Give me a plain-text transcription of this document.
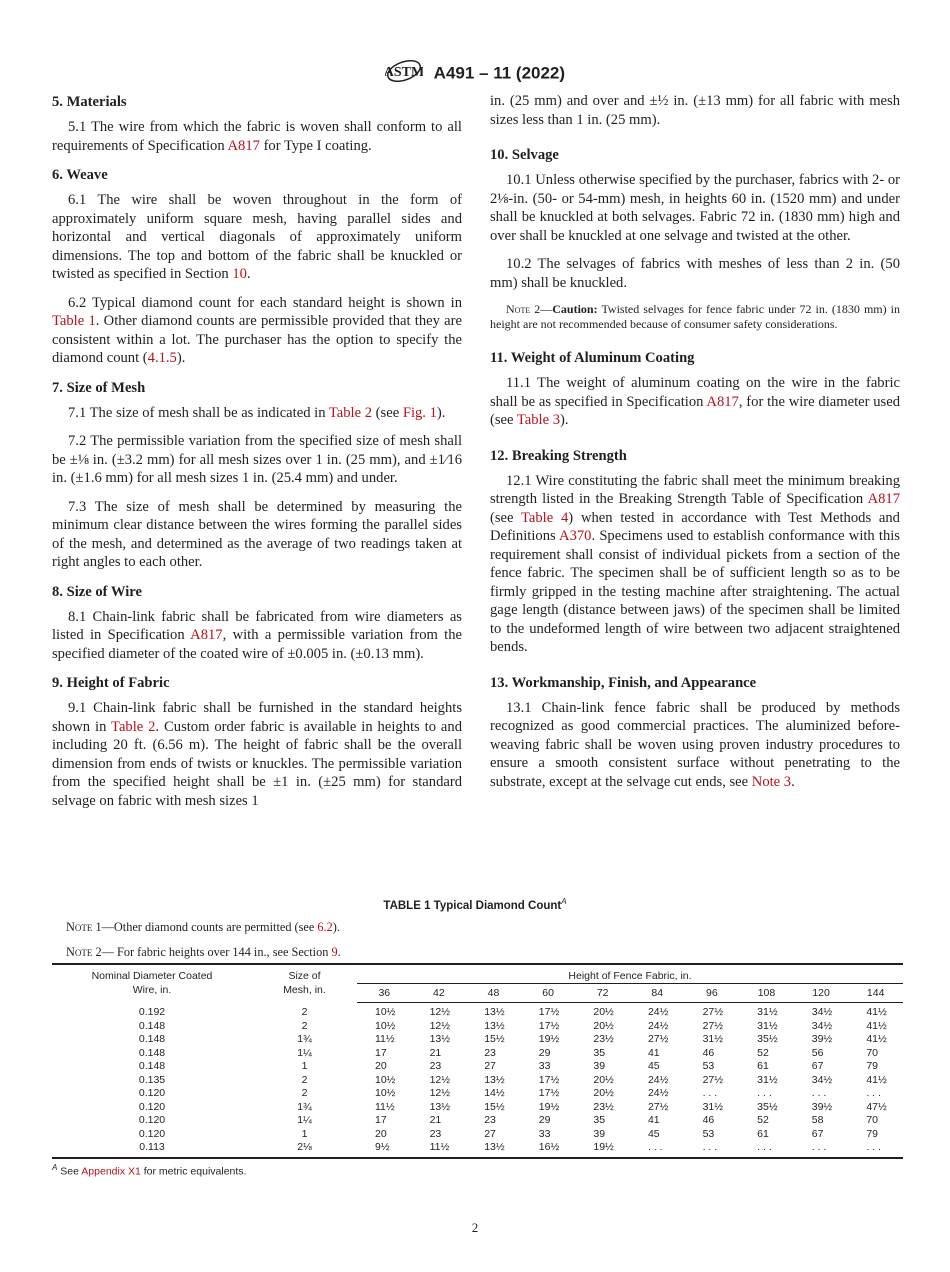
ASTM A491 – 11 (2022)
5. Materials

5.1 The wire from which the fabric is woven shall conform to all requirements of Specification A817 for Type I coating.

6. Weave

6.1 The wire shall be woven throughout in the form of approximately uniform square mesh, having parallel sides and horizontal and vertical diagonals of approximately uniform dimensions. The top and bottom of the fabric shall be knuckled or twisted as specified in Section 10.

6.2 Typical diamond count for each standard height is shown in Table 1. Other diamond counts are permissible provided that they are consistent within a lot. The purchaser has the option to specify the diamond count (4.1.5).

7. Size of Mesh

7.1 The size of mesh shall be as indicated in Table 2 (see Fig. 1).

7.2 The permissible variation from the specified size of mesh shall be ±⅛ in. (±3.2 mm) for all mesh sizes over 1 in. (25 mm), and ±1⁄16 in. (±1.6 mm) for all mesh sizes 1 in. (25.4 mm) and under.

7.3 The size of mesh shall be determined by measuring the minimum clear distance between the wires forming the parallel sides of the mesh, and determined as the average of two readings taken at right angles to each other.

8. Size of Wire

8.1 Chain-link fabric shall be fabricated from wire diameters as listed in Specification A817, with a permissible variation from the specified diameter of the coated wire of ±0.005 in. (±0.13 mm).

9. Height of Fabric

9.1 Chain-link fabric shall be furnished in the standard heights shown in Table 2. Custom order fabric is available in heights to and including 20 ft. (6.56 m). The height of fabric shall be the overall dimension from ends of twists or knuckles. The permissible variation from the specified height shall be ±1 in. (±25 mm) for standard selvage on fabric with mesh sizes 1

in. (25 mm) and over and ±½ in. (±13 mm) for all fabric with mesh sizes less than 1 in. (25 mm).

10. Selvage

10.1 Unless otherwise specified by the purchaser, fabrics with 2- or 2⅛-in. (50- or 54-mm) mesh, in heights 60 in. (1520 mm) and under shall be knuckled at both selvages. Fabric 72 in. (1830 mm) high and over shall be knuckled at one selvage and twisted at the other.

10.2 The selvages of fabrics with meshes of less than 2 in. (50 mm) shall be knuckled.

Note 2—Caution: Twisted selvages for fence fabric under 72 in. (1830 mm) in height are not recommended because of consumer safety considerations.
11. Weight of Aluminum Coating

11.1 The weight of aluminum coating on the wire in the fabric shall be as specified in Specification A817, for the wire diameter used (see Table 3).

12. Breaking Strength

12.1 Wire constituting the fabric shall meet the minimum breaking strength listed in the Breaking Strength Table of Specification A817 (see Table 4) when tested in accordance with Test Methods and Definitions A370. Specimens used to establish conformance with this requirement shall consist of individual pickets from a section of the fence fabric. The specimen shall be of sufficient length so as to be firmly gripped in the testing machine after straightening. The actual gage length (distance between jaws) of the specimen shall be limited to the undeformed length of wire between two adjacent straightened bends.

13. Workmanship, Finish, and Appearance

13.1 Chain-link fence fabric shall be produced by methods recognized as good commercial practices. The aluminized before-weaving fabric shall be woven using proven industry procedures to ensure a smooth consistent surface without penetrating to the substrate, except at the selvage cut ends, see Note 3.

TABLE 1 Typical Diamond Count$^A$
Note 1—Other diamond counts are permitted (see 6.2).
Note 2— For fabric heights over 144 in., see Section 9.
Nominal Diameter Coated
Wire, in.	Size of
Mesh, in.	Height of Fence Fabric, in.									
		36	42	48	60	72	84	96	108	120	144
0.192	2	10½	12½	13½	17½	20½	24½	27½	31½	34½	41½
0.148	2	10½	12½	13½	17½	20½	24½	27½	31½	34½	41½
0.148	1¾	11½	13½	15½	19½	23½	27½	31½	35½	39½	41½
0.148	1¼	17	21	23	29	35	41	46	52	56	70
0.148	1	20	23	27	33	39	45	53	61	67	79
0.135	2	10½	12½	13½	17½	20½	24½	27½	31½	34½	41½
0.120	2	10½	12½	14½	17½	20½	24½	. . .	. . .	. . .	. . .
0.120	1¾	11½	13½	15½	19½	23½	27½	31½	35½	39½	47½
0.120	1¼	17	21	23	29	35	41	46	52	58	70
0.120	1	20	23	27	33	39	45	53	61	67	79
0.113	2⅛	9½	11½	13½	16½	19½	. . .	. . .	. . .	. . .	. . .
$^A$ See Appendix X1 for metric equivalents.
2
